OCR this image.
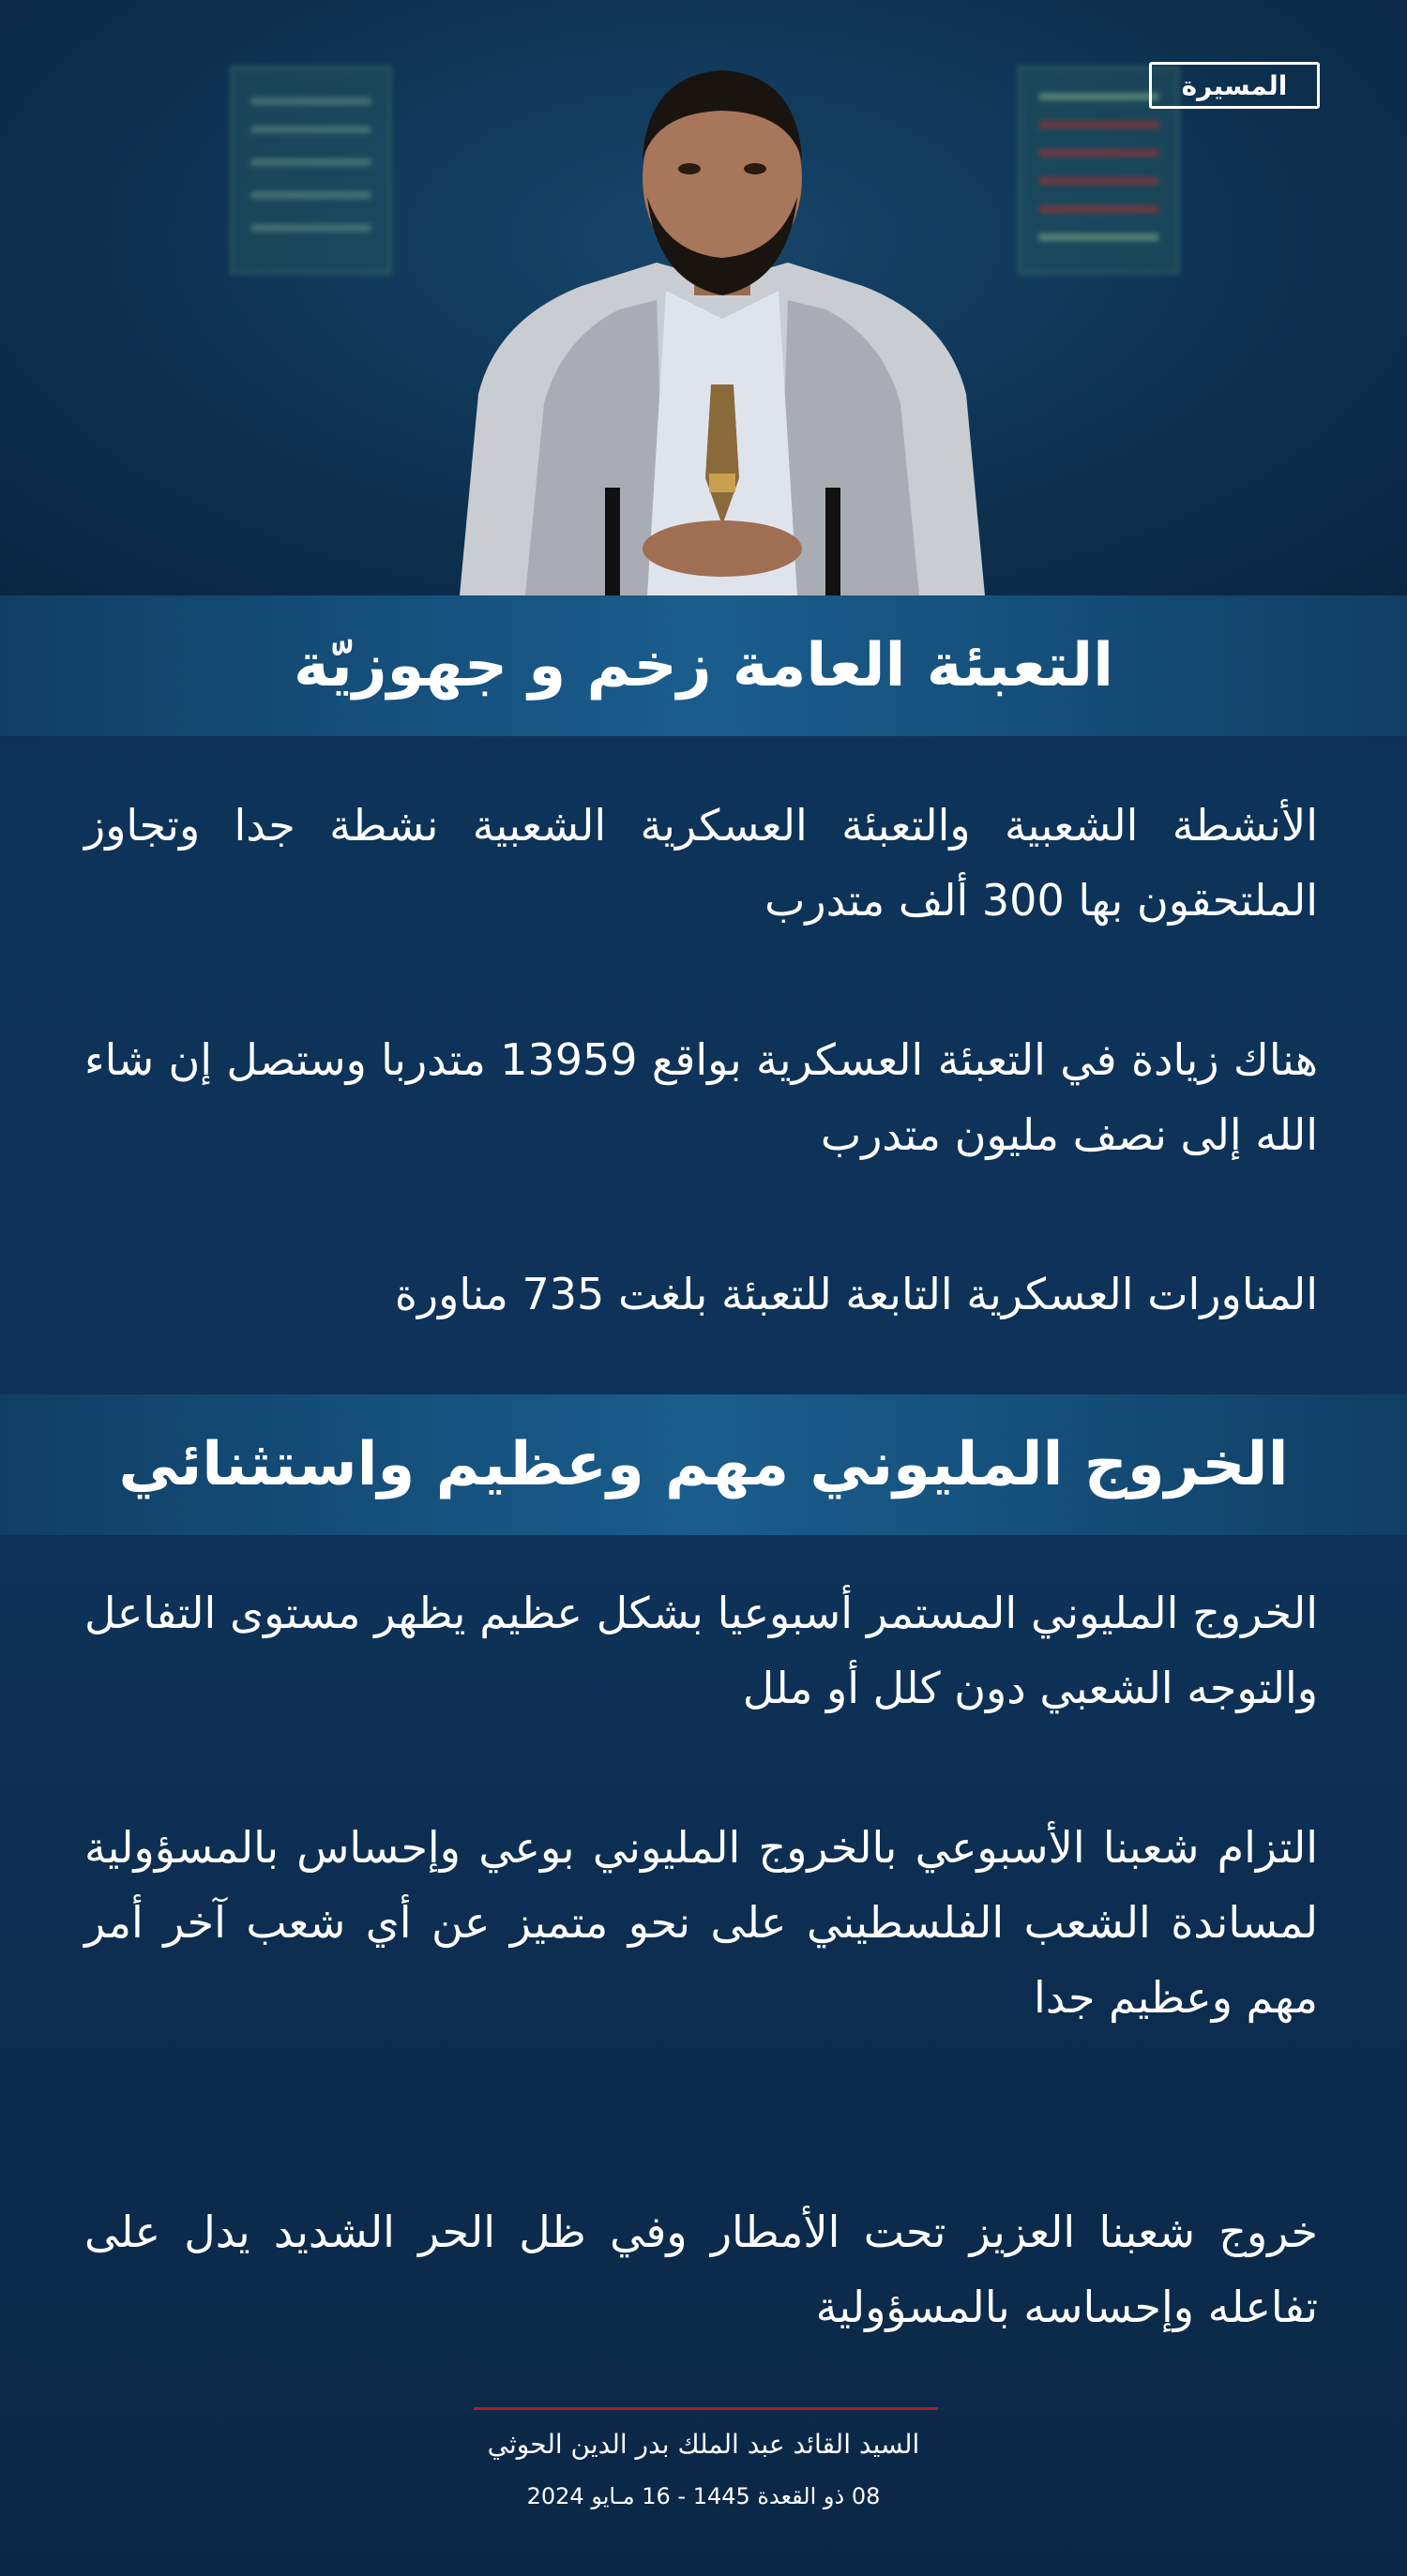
المسيرة
التعبئة العامة زخم و جهوزيّة
الأنشطة الشعبية والتعبئة العسكرية الشعبية نشطة جدا وتجاوز الملتحقون بها 300 ألف متدرب
هناك زيادة في التعبئة العسكرية بواقع 13959 متدربا وستصل إن شاء الله إلى نصف مليون متدرب
المناورات العسكرية التابعة للتعبئة بلغت 735 مناورة
الخروج المليوني مهم وعظيم واستثنائي
الخروج المليوني المستمر أسبوعيا بشكل عظيم يظهر مستوى التفاعل والتوجه الشعبي دون كلل أو ملل
التزام شعبنا الأسبوعي بالخروج المليوني بوعي وإحساس بالمسؤولية لمساندة الشعب الفلسطيني على نحو متميز عن أي شعب آخر أمر مهم وعظيم جدا
خروج شعبنا العزيز تحت الأمطار وفي ظل الحر الشديد يدل على تفاعله وإحساسه بالمسؤولية
السيد القائد عبد الملك بدر الدين الحوثي
08 ذو القعدة 1445 - 16 مـايو 2024
